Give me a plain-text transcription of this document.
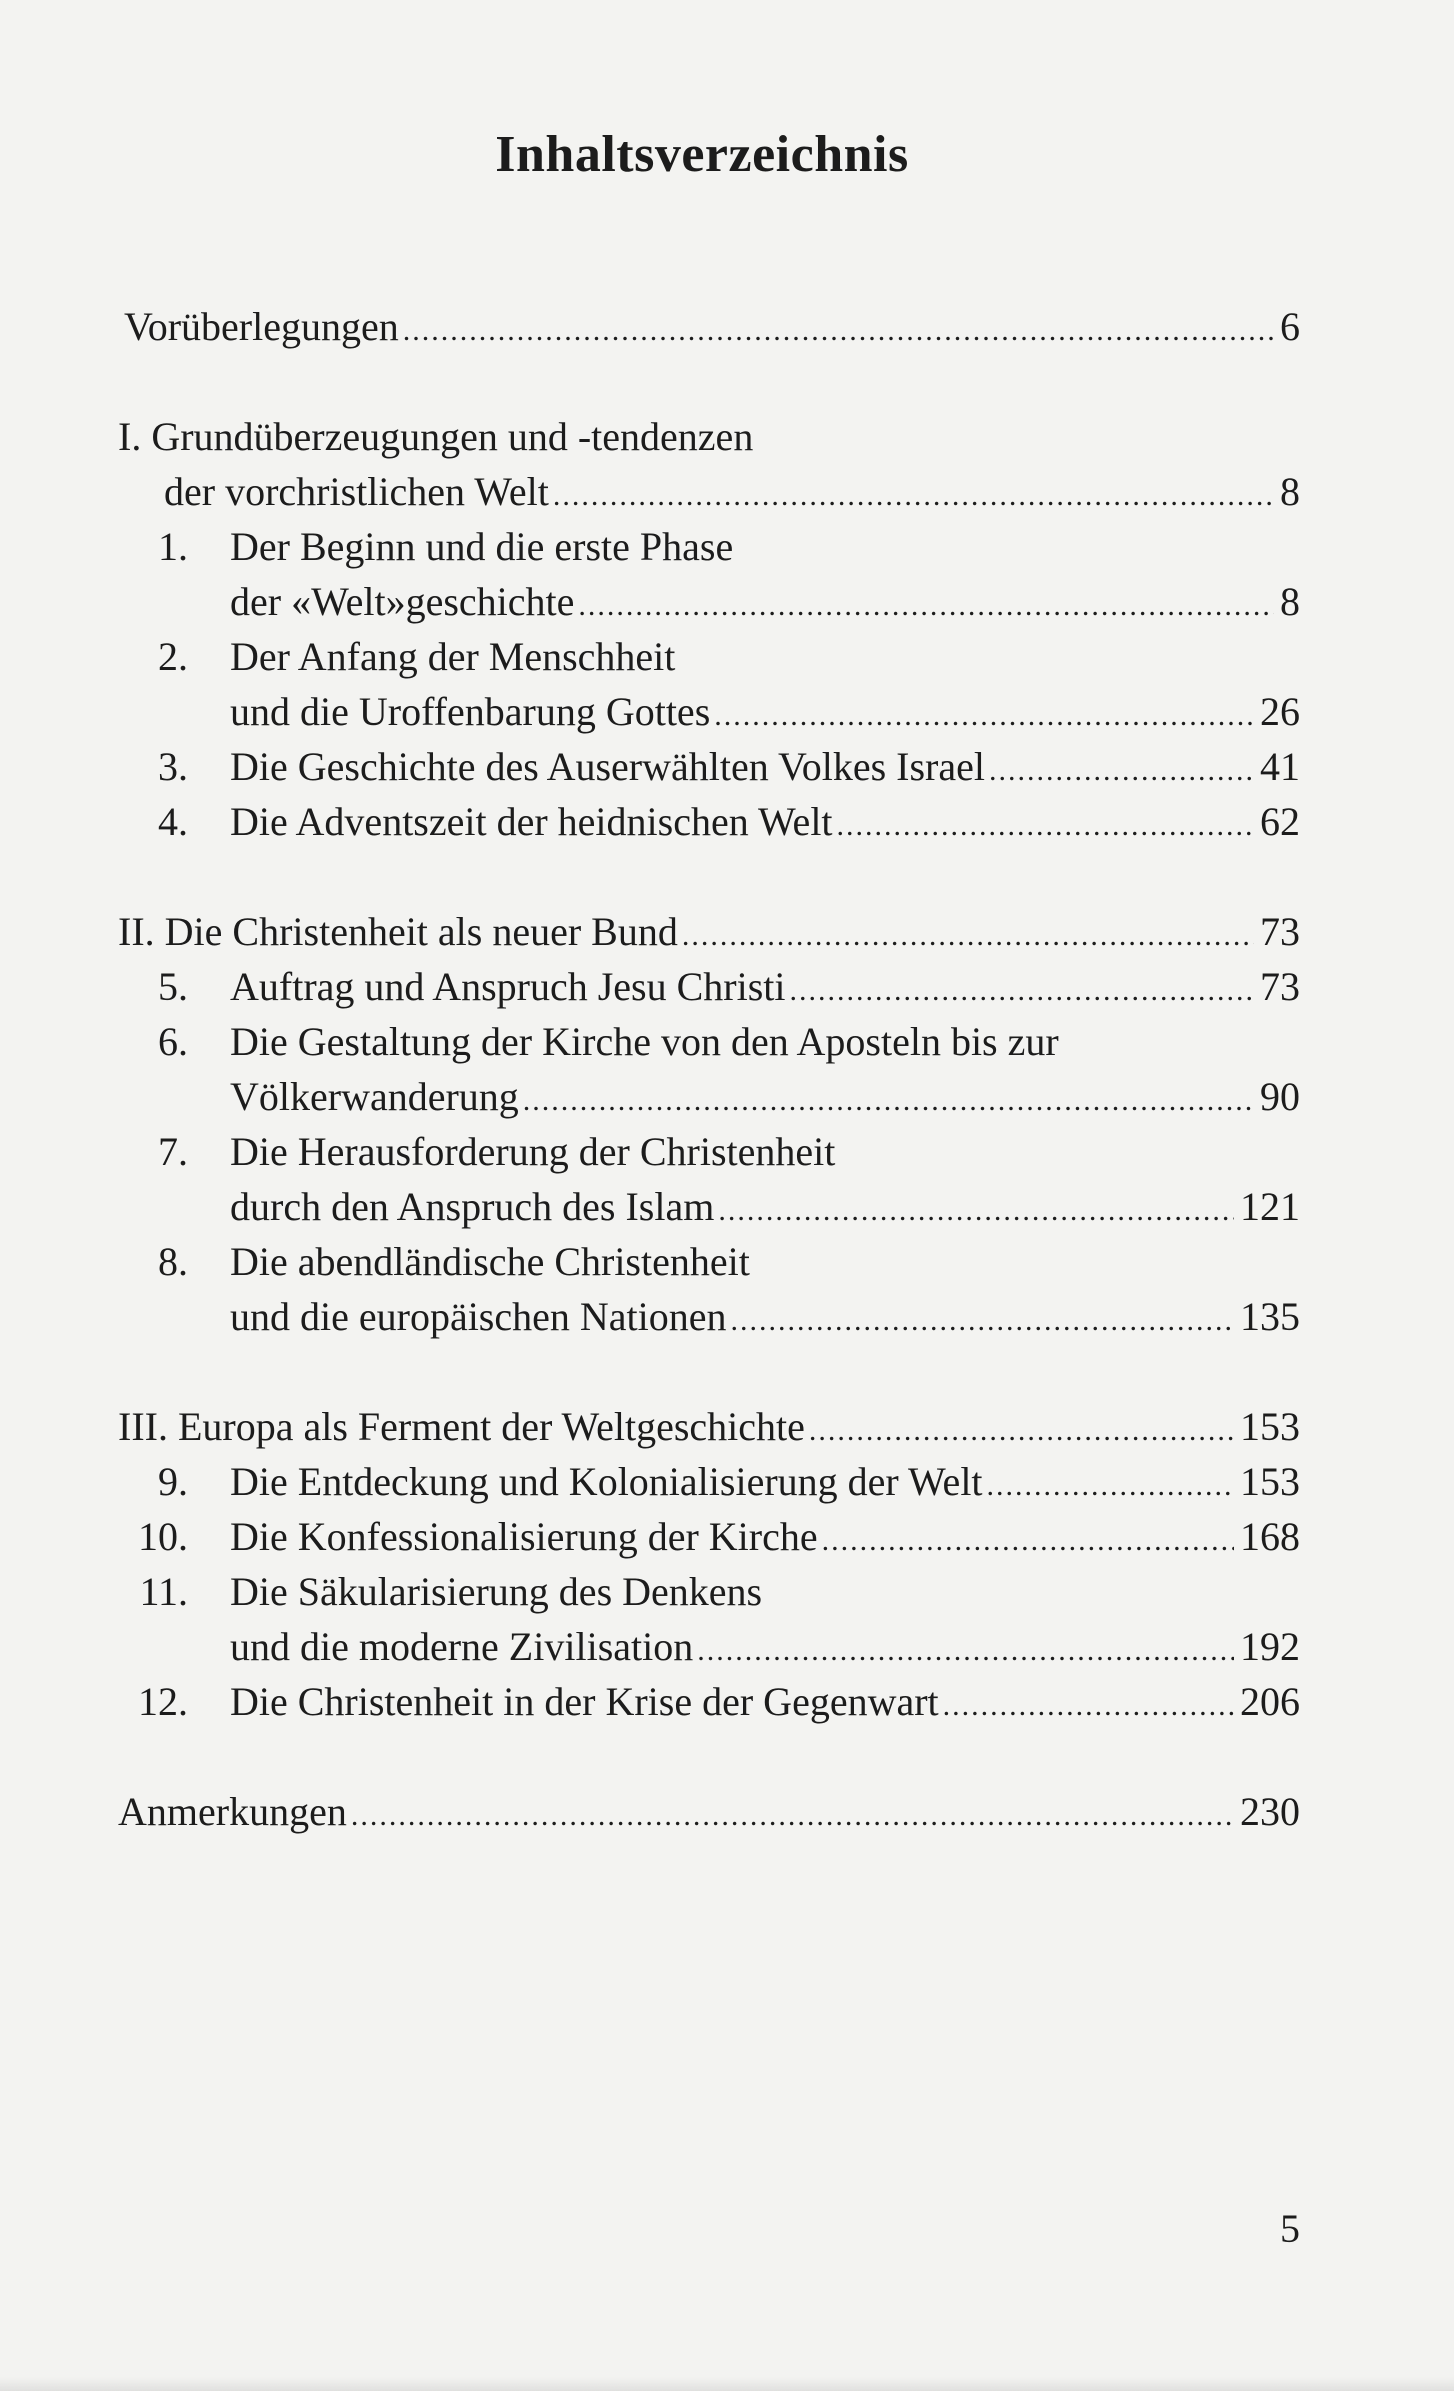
Inhaltsverzeichnis
Vorüberlegungen .....	6
I. Grundüberzeugungen und -tendenzen
der vorchristlichen Welt .....	8
1. Der Beginn und die erste Phase
der «Welt»geschichte .....	8
2. Der Anfang der Menschheit
und die Uroffenbarung Gottes .....	26
3. Die Geschichte des Auserwählten Volkes Israel .....	41
4. Die Adventszeit der heidnischen Welt .....	62
II. Die Christenheit als neuer Bund .....	73
5. Auftrag und Anspruch Jesu Christi .....	73
6. Die Gestaltung der Kirche von den Aposteln bis zur
Völkerwanderung .....	90
7. Die Herausforderung der Christenheit
durch den Anspruch des Islam .....	121
8. Die abendländische Christenheit
und die europäischen Nationen .....	135
III. Europa als Ferment der Weltgeschichte .....	153
9. Die Entdeckung und Kolonialisierung der Welt .....	153
10. Die Konfessionalisierung der Kirche .....	168
11. Die Säkularisierung des Denkens
und die moderne Zivilisation .....	192
12. Die Christenheit in der Krise der Gegenwart .....	206
Anmerkungen .....	230
5
